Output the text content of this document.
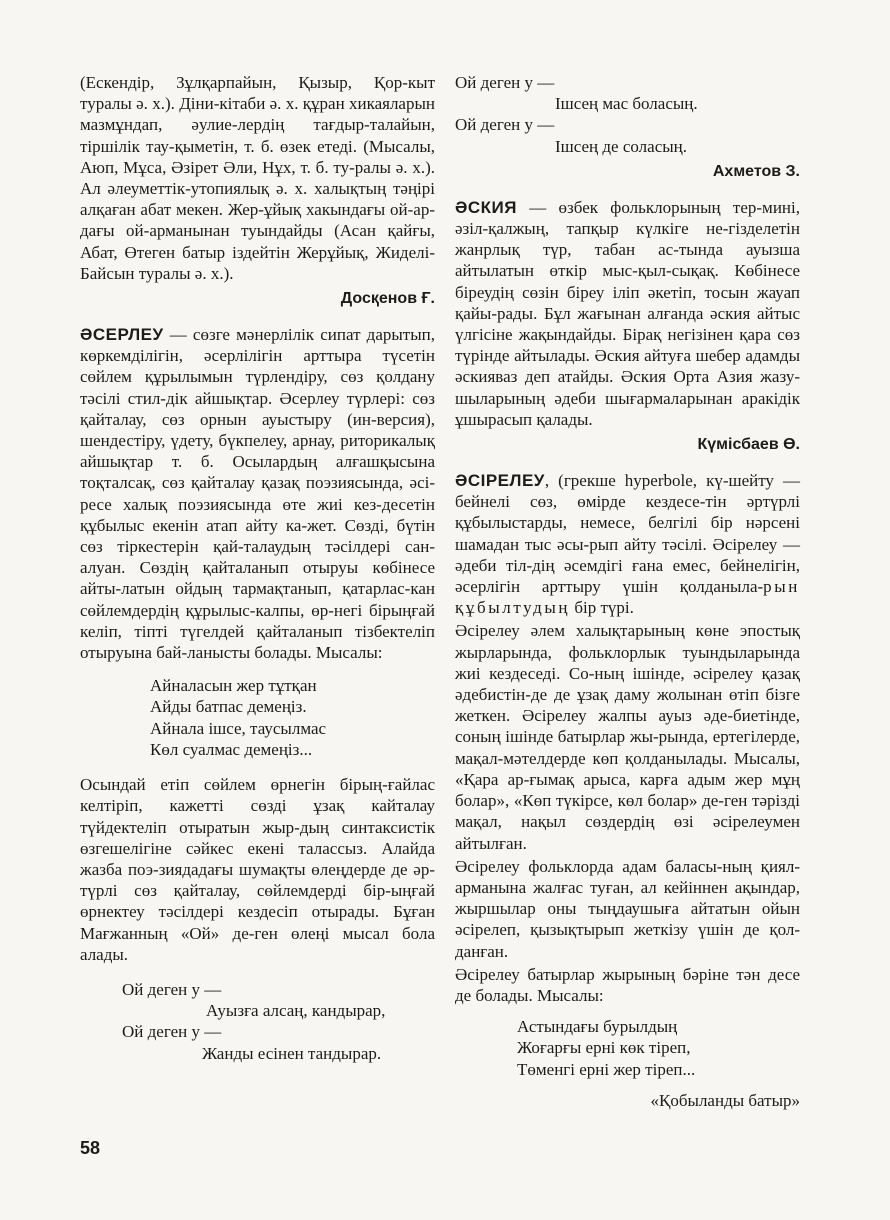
(Ескендір, Зұлқарпайын, Қызыр, Қор-кыт туралы ә. х.). Діни-кітаби ә. х. құран хикаяларын мазмұндап, әулие-лердің тағдыр-талайын, тіршілік тау-қыметін, т. б. өзек етеді. (Мысалы, Аюп, Мұса, Әзірет Әли, Нұх, т. б. ту-ралы ә. х.). Ал әлеуметтік-утопиялық ә. х. халықтың тәңірі алқаған абат мекен. Жер-ұйық хакындағы ой-ар-дағы ой-арманынан туындайды (Асан қайғы, Абат, Өтеген батыр іздейтін Жерұйық, Жиделі-Байсын туралы ә. х.).

Досқенов Ғ.

ӘСЕРЛЕУ — сөзге мәнерлілік сипат дарытып, көркемділігін, әсерлілігін арттыра түсетін сөйлем құрылымын түрлендіру, сөз қолдану тәсілі стил-дік айшықтар. Әсерлеу түрлері: сөз қайталау, сөз орнын ауыстыру (ин-версия), шендестіру, үдету, бүкпелеу, арнау, риторикалық айшықтар т. б. Осылардың алғашқысына тоқталсақ, сөз қайталау қазақ поэзиясында, әсі-ресе халық поэзиясында өте жиі кез-десетін құбылыс екенін атап айту ка-жет. Сөзді, бүтін сөз тіркестерін қай-талаудың тәсілдері сан-алуан. Сөздің қайталанып отыруы көбінесе айты-латын ойдың тармақтанып, қатарлас-кан сөйлемдердің құрылыс-калпы, өр-негі бірыңғай келіп, тіпті түгелдей қайталанып тізбектеліп отыруына бай-ланысты болады. Мысалы:

Айналасын жер тұтқан
Айды батпас демеңіз.
Айнала ішсе, таусылмас
Көл суалмас демеңіз...

Осындай етіп сөйлем өрнегін бірың-ғайлас келтіріп, кажетті сөзді ұзақ кайталау түйдектеліп отыратын жыр-дың синтаксистік өзгешелігіне сәйкес екені талассыз. Алайда жазба поэ-зиядадағы шумақты өлеңдерде де әр-түрлі сөз қайталау, сөйлемдерді бір-ыңғай өрнектеу тәсілдері кездесіп отырады. Бұған Мағжанның «Ой» де-ген өлеңі мысал бола алады.

Ой деген у —
Ауызға алсаң, кандырар,
Ой деген у —
Жанды есінен тандырар.
Ой деген у —
Ішсең мас боласың.
Ой деген у —
Ішсең де соласың.
Ахметов З.

ӘСКИЯ — өзбек фольклорының тер-мині, әзіл-қалжың, тапқыр күлкіге не-гізделетін жанрлық түр, табан ас-тында ауызша айтылатын өткір мыс-қыл-сықақ. Көбінесе біреудің сөзін біреу іліп әкетіп, тосын жауап қайы-рады. Бұл жағынан алғанда әския айтыс үлгісіне жақындайды. Бірақ негізінен қара сөз түрінде айтылады. Әския айтуға шебер адамды әскияваз деп атайды. Әския Орта Азия жазу-шыларының әдеби шығармаларынан аракідік ұшырасып қалады.

Күмісбаев Ө.

ӘСІРЕЛЕУ, (грекше hyperbole, кү-шейту — бейнелі сөз, өмірде кездесе-тін әртүрлі құбылыстарды, немесе, белгілі бір нәрсені шамадан тыс әсы-рып айту тәсілі. Әсірелеу — әдеби тіл-дің әсемдігі ғана емес, бейнелігін, әсерлігін арттыру үшін қолданыла-рын құбылтудың бір түрі.

Әсірелеу әлем халықтарының көне эпостық жырларында, фольклорлык туындыларында жиі кездеседі. Со-ның ішінде, әсірелеу қазақ әдебистін-де де ұзақ даму жолынан өтіп бізге жеткен. Әсірелеу жалпы ауыз әде-биетінде, соның ішінде батырлар жы-рында, ертегілерде, мақал-мәтелдерде көп қолданылады. Мысалы, «Қара ар-ғымақ арыса, карға адым жер мұң болар», «Көп түкірсе, көл болар» де-ген тәрізді мақал, нақыл сөздердің өзі әсірелеумен айтылған.

Әсірелеу фольклорда адам баласы-ның қиял-арманына жалғас туған, ал кейіннен ақындар, жыршылар оны тыңдаушыға айтатын ойын әсірелеп, қызықтырып жеткізу үшін де қол-данған.

Әсірелеу батырлар жырының бәріне тән десе де болады. Мысалы:

Астындағы бурылдың
Жоғарғы ерні көк тіреп,
Төменгі ерні жер тіреп...
«Қобыланды батыр»
58
